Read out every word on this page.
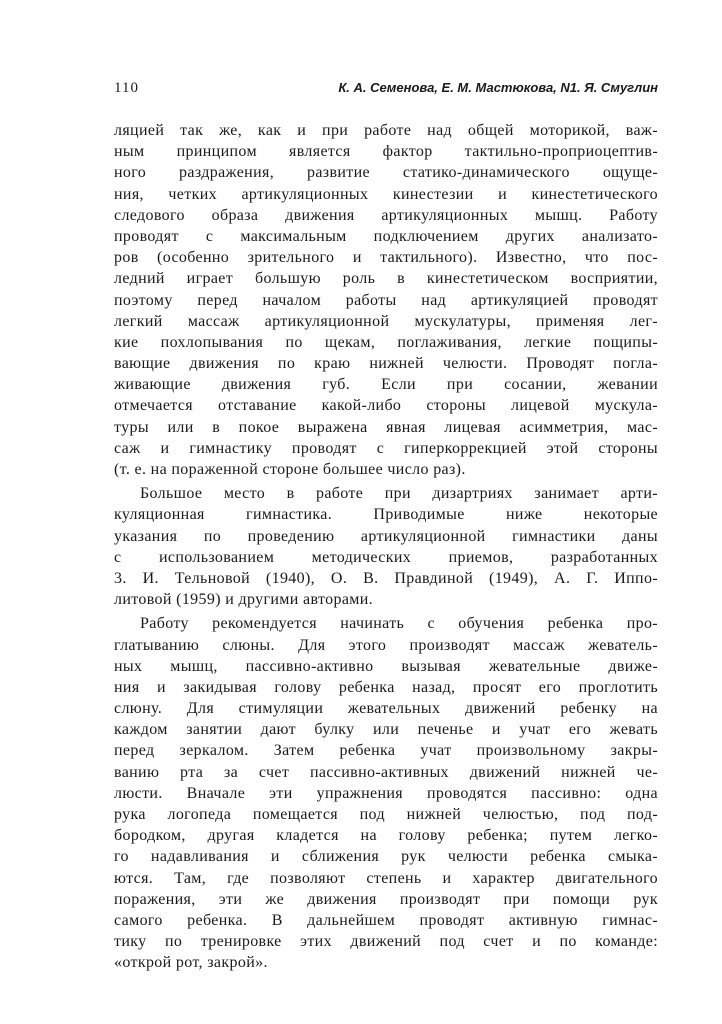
110	К. А. Семенова, Е. М. Мастюкова, N1. Я. Смуглин
ляцией так же, как и при работе над общей моторикой, важ-
ным принципом является фактор тактильно-проприоцептив-
ного раздражения, развитие статико-динамического ощуще-
ния, четких артикуляционных кинестезии и кинестетического
следового образа движения артикуляционных мышц. Работу
проводят с максимальным подключением других анализато-
ров (особенно зрительного и тактильного). Известно, что пос-
ледний играет большую роль в кинестетическом восприятии,
поэтому перед началом работы над артикуляцией проводят
легкий массаж артикуляционной мускулатуры, применяя лег-
кие похлопывания по щекам, поглаживания, легкие пощипы-
вающие движения по краю нижней челюсти. Проводят погла-
живающие движения губ. Если при сосании, жевании
отмечается отставание какой-либо стороны лицевой мускула-
туры или в покое выражена явная лицевая асимметрия, мас-
саж и гимнастику проводят с гиперкоррекцией этой стороны
(т. е. на пораженной стороне большее число раз).
Большое место в работе при дизартриях занимает арти-
куляционная гимнастика. Приводимые ниже некоторые
указания по проведению артикуляционной гимнастики даны
с использованием методических приемов, разработанных
3. И. Тельновой (1940), О. В. Правдиной (1949), А. Г. Иппо-
литовой (1959) и другими авторами.
Работу рекомендуется начинать с обучения ребенка про-
глатыванию слюны. Для этого производят массаж жеватель-
ных мышц, пассивно-активно вызывая жевательные движе-
ния и закидывая голову ребенка назад, просят его проглотить
слюну. Для стимуляции жевательных движений ребенку на
каждом занятии дают булку или печенье и учат его жевать
перед зеркалом. Затем ребенка учат произвольному закры-
ванию рта за счет пассивно-активных движений нижней че-
люсти. Вначале эти упражнения проводятся пассивно: одна
рука логопеда помещается под нижней челюстью, под под-
бородком, другая кладется на голову ребенка; путем легко-
го надавливания и сближения рук челюсти ребенка смыка-
ются. Там, где позволяют степень и характер двигательного
поражения, эти же движения производят при помощи рук
самого ребенка. В дальнейшем проводят активную гимнас-
тику по тренировке этих движений под счет и по команде:
«открой рот, закрой».
